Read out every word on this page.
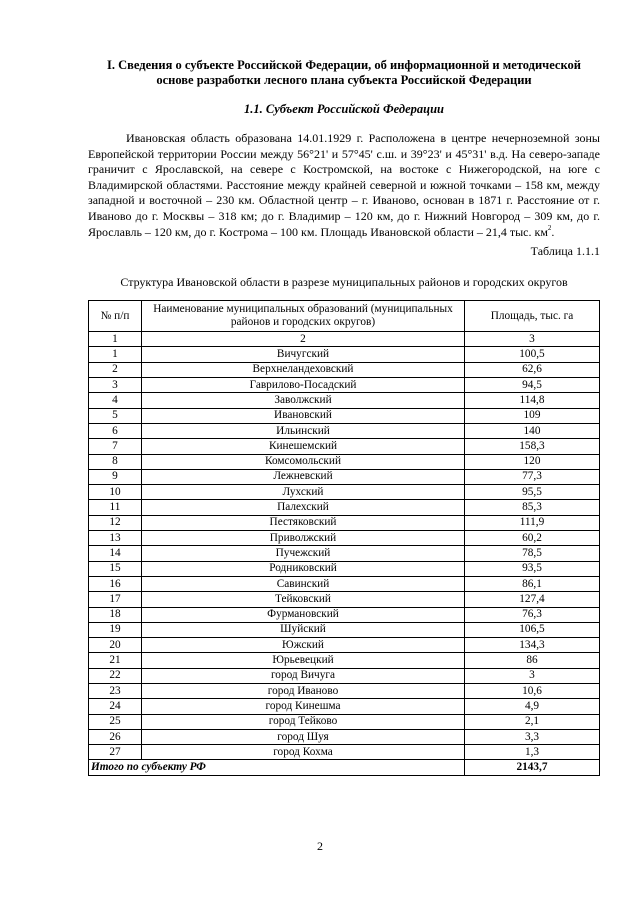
I. Сведения о субъекте Российской Федерации, об информационной и методической основе разработки лесного плана субъекта Российской Федерации
1.1. Субъект Российской Федерации

Ивановская область образована 14.01.1929 г. Расположена в центре нечерноземной зоны Европейской территории России между 56°21' и 57°45' с.ш. и 39°23' и 45°31' в.д. На северо-западе граничит с Ярославской, на севере с Костромской, на востоке с Нижегородской, на юге с Владимирской областями. Расстояние между крайней северной и южной точками – 158 км, между западной и восточной – 230 км. Областной центр – г. Иваново, основан в 1871 г. Расстояние от г. Иваново до г. Москвы – 318 км; до г. Владимир – 120 км, до г. Нижний Новгород – 309 км, до г. Ярославль – 120 км, до г. Кострома – 100 км. Площадь Ивановской области – 21,4 тыс. $км^2$.

Таблица 1.1.1
Структура Ивановской области в разрезе муниципальных районов и городских округов
№ п/п	Наименование муниципальных образований (муниципальных районов и городских округов)	Площадь, тыс. га
1	2	3
1	Вичугский	100,5
2	Верхнеландеховский	62,6
3	Гаврилово-Посадский	94,5
4	Заволжский	114,8
5	Ивановский	109
6	Ильинский	140
7	Кинешемский	158,3
8	Комсомольский	120
9	Лежневский	77,3
10	Лухский	95,5
11	Палехский	85,3
12	Пестяковский	111,9
13	Приволжский	60,2
14	Пучежский	78,5
15	Родниковский	93,5
16	Савинский	86,1
17	Тейковский	127,4
18	Фурмановский	76,3
19	Шуйский	106,5
20	Южский	134,3
21	Юрьевецкий	86
22	город Вичуга	3
23	город Иваново	10,6
24	город Кинешма	4,9
25	город Тейково	2,1
26	город Шуя	3,3
27	город Кохма	1,3
Итого по субъекту РФ		2143,7
2
